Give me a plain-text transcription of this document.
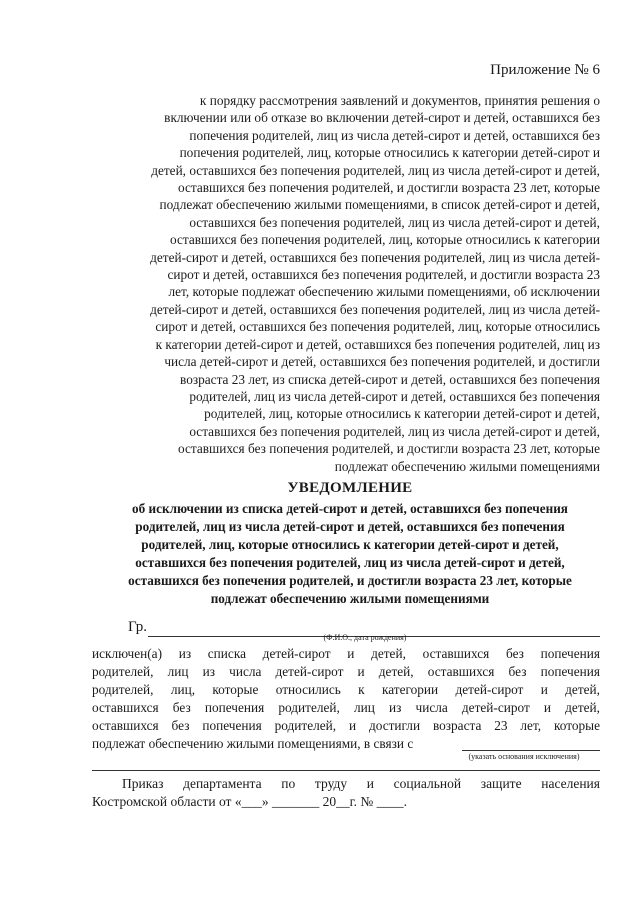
Приложение № 6
к порядку рассмотрения заявлений и документов, принятия решения о
включении или об отказе во включении детей-сирот и детей, оставшихся без
попечения родителей, лиц из числа детей-сирот и детей, оставшихся без
попечения родителей, лиц, которые относились к категории детей-сирот и
детей, оставшихся без попечения родителей, лиц из числа детей-сирот и детей,
оставшихся без попечения родителей, и достигли возраста 23 лет, которые
подлежат обеспечению жилыми помещениями, в список детей-сирот и детей,
оставшихся без попечения родителей, лиц из числа детей-сирот и детей,
оставшихся без попечения родителей, лиц, которые относились к категории
детей-сирот и детей, оставшихся без попечения родителей, лиц из числа детей-
сирот и детей, оставшихся без попечения родителей, и достигли возраста 23
лет, которые подлежат обеспечению жилыми помещениями, об исключении
детей-сирот и детей, оставшихся без попечения родителей, лиц из числа детей-
сирот и детей, оставшихся без попечения родителей, лиц, которые относились
к категории детей-сирот и детей, оставшихся без попечения родителей, лиц из
числа детей-сирот и детей, оставшихся без попечения родителей, и достигли
возраста 23 лет, из списка детей-сирот и детей, оставшихся без попечения
родителей, лиц из числа детей-сирот и детей, оставшихся без попечения
родителей, лиц, которые относились к категории детей-сирот и детей,
оставшихся без попечения родителей, лиц из числа детей-сирот и детей,
оставшихся без попечения родителей, и достигли возраста 23 лет, которые
подлежат обеспечению жилыми помещениями
УВЕДОМЛЕНИЕ
об исключении из списка детей-сирот и детей, оставшихся без попечения
родителей, лиц из числа детей-сирот и детей, оставшихся без попечения
родителей, лиц, которые относились к категории детей-сирот и детей,
оставшихся без попечения родителей, лиц из числа детей-сирот и детей,
оставшихся без попечения родителей, и достигли возраста 23 лет, которые
подлежат обеспечению жилыми помещениями
Гр.
(Ф.И.О., дата рождения)
исключен(а) из списка детей-сирот и детей, оставшихся без попечения
родителей, лиц из числа детей-сирот и детей, оставшихся без попечения
родителей, лиц, которые относились к категории детей-сирот и детей,
оставшихся без попечения родителей, лиц из числа детей-сирот и детей,
оставшихся без попечения родителей, и достигли возраста 23 лет, которые
подлежат обеспечению жилыми помещениями, в связи с
(указать основания исключения)
Приказ департамента по труду и социальной защите населения
Костромской области от «___» _______ 20__г. № ____.
